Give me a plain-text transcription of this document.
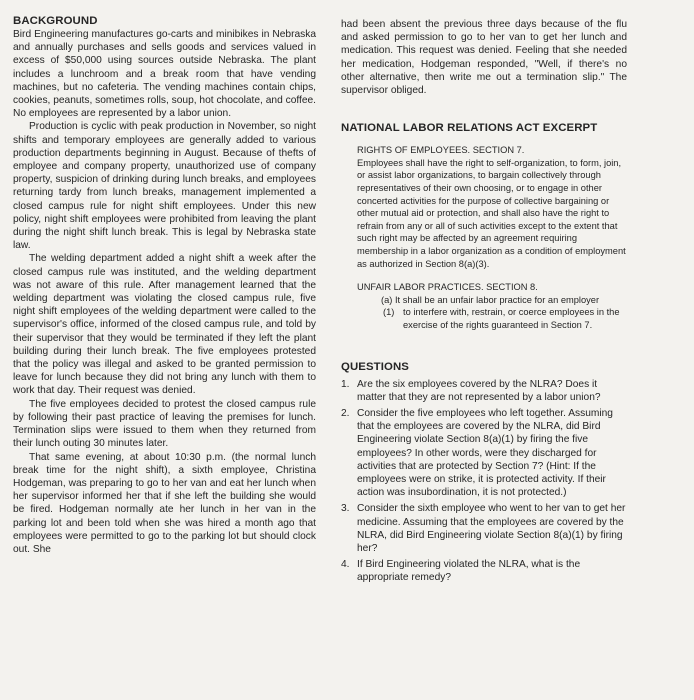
BACKGROUND

Bird Engineering manufactures go-carts and minibikes in Nebraska and annually purchases and sells goods and services valued in excess of $50,000 using sources outside Nebraska. The plant includes a lunchroom and a break room that have vending machines, but no cafeteria. The vending machines contain chips, cookies, peanuts, sometimes rolls, soup, hot chocolate, and coffee. No employees are represented by a labor union.

Production is cyclic with peak production in November, so night shifts and temporary employees are generally added to various production departments beginning in August. Because of thefts of employee and company property, unauthorized use of company property, suspicion of drinking during lunch breaks, and employees returning tardy from lunch breaks, management implemented a closed campus rule for night shift employees. Under this new policy, night shift employees were prohibited from leaving the plant during the night shift lunch break. This is legal by Nebraska state law.

The welding department added a night shift a week after the closed campus rule was instituted, and the welding department was not aware of this rule. After management learned that the welding department was violating the closed campus rule, five night shift employees of the welding department were called to the supervisor's office, informed of the closed campus rule, and told by their supervisor that they would be terminated if they left the plant building during their lunch break. The five employees protested that the policy was illegal and asked to be granted permission to leave for lunch because they did not bring any lunch with them to work that day. Their request was denied.

The five employees decided to protest the closed campus rule by following their past practice of leaving the premises for lunch. Termination slips were issued to them when they returned from their lunch outing 30 minutes later.

That same evening, at about 10:30 p.m. (the normal lunch break time for the night shift), a sixth employee, Christina Hodgeman, was preparing to go to her van and eat her lunch when her supervisor informed her that if she left the building she would be fired. Hodgeman normally ate her lunch in her van in the parking lot and been told when she was hired a month ago that employees were permitted to go to the parking lot but should clock out. She

had been absent the previous three days because of the flu and asked permission to go to her van to get her lunch and medication. This request was denied. Feeling that she needed her medication, Hodgeman responded, "Well, if there's no other alternative, then write me out a termination slip." The supervisor obliged.

NATIONAL LABOR RELATIONS ACT EXCERPT

RIGHTS OF EMPLOYEES. SECTION 7.

Employees shall have the right to self-organization, to form, join, or assist labor organizations, to bargain collectively through representatives of their own choosing, or to engage in other concerted activities for the purpose of collective bargaining or other mutual aid or protection, and shall also have the right to refrain from any or all of such activities except to the extent that such right may be affected by an agreement requiring membership in a labor organization as a condition of employment as authorized in Section 8(a)(3).

UNFAIR LABOR PRACTICES. SECTION 8.

(a) It shall be an unfair labor practice for an employer

(1) to interfere with, restrain, or coerce employees in the exercise of the rights guaranteed in Section 7.

QUESTIONS
1. Are the six employees covered by the NLRA? Does it matter that they are not represented by a labor union?
2. Consider the five employees who left together. Assuming that the employees are covered by the NLRA, did Bird Engineering violate Section 8(a)(1) by firing the five employees? In other words, were they discharged for activities that are protected by Section 7? (Hint: If the employees were on strike, it is protected activity. If their action was insubordination, it is not protected.)
3. Consider the sixth employee who went to her van to get her medicine. Assuming that the employees are covered by the NLRA, did Bird Engineering violate Section 8(a)(1) by firing her?
4. If Bird Engineering violated the NLRA, what is the appropriate remedy?
